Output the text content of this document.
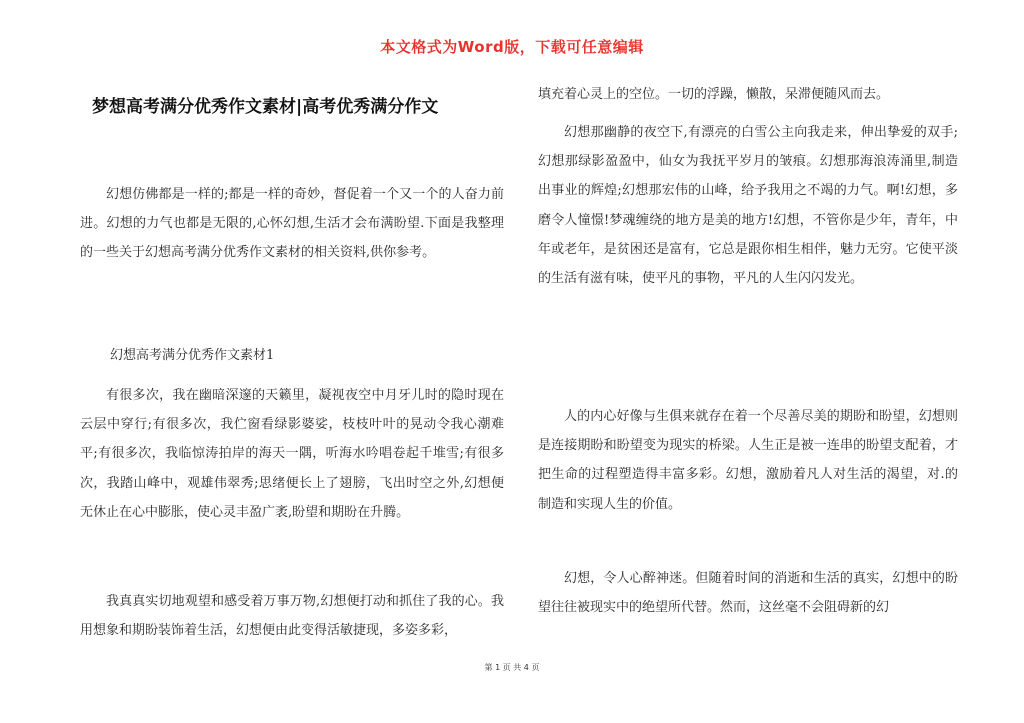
本文格式为Word版，下载可任意编辑
梦想高考满分优秀作文素材|高考优秀满分作文

幻想仿佛都是一样的;都是一样的奇妙，督促着一个又一个的人奋力前进。幻想的力气也都是无限的,心怀幻想,生活才会布满盼望.下面是我整理的一些关于幻想高考满分优秀作文素材的相关资料,供你参考。

幻想高考满分优秀作文素材1

有很多次，我在幽暗深邃的天籁里，凝视夜空中月牙儿时的隐时现在云层中穿行;有很多次，我伫窗看绿影婆娑，枝枝叶叶的晃动令我心潮难平;有很多次，我临惊涛拍岸的海天一隅，听海水吟唱卷起千堆雪;有很多次，我踏山峰中，观雄伟翠秀;思绪便长上了翅膀，飞出时空之外,幻想便无休止在心中膨胀，使心灵丰盈广袤,盼望和期盼在升腾。

我真真实切地观望和感受着万事万物,幻想便打动和抓住了我的心。我用想象和期盼装饰着生活，幻想便由此变得活敏捷现，多姿多彩，

填充着心灵上的空位。一切的浮躁，懒散，呆滞便随风而去。

幻想那幽静的夜空下,有漂亮的白雪公主向我走来，伸出挚爱的双手;幻想那绿影盈盈中，仙女为我抚平岁月的皱痕。幻想那海浪涛涌里,制造出事业的辉煌;幻想那宏伟的山峰，给予我用之不竭的力气。啊!幻想，多磨令人憧憬!梦魂缠绕的地方是美的地方!幻想，不管你是少年，青年，中年或老年，是贫困还是富有，它总是跟你相生相伴，魅力无穷。它使平淡的生活有滋有味，使平凡的事物，平凡的人生闪闪发光。

人的内心好像与生俱来就存在着一个尽善尽美的期盼和盼望，幻想则是连接期盼和盼望变为现实的桥梁。人生正是被一连串的盼望支配着，才把生命的过程塑造得丰富多彩。幻想，激励着凡人对生活的渴望，对.的制造和实现人生的价值。

幻想，令人心醉神迷。但随着时间的消逝和生活的真实，幻想中的盼望往往被现实中的绝望所代替。然而，这丝毫不会阻碍新的幻

第 1 页 共 4 页
